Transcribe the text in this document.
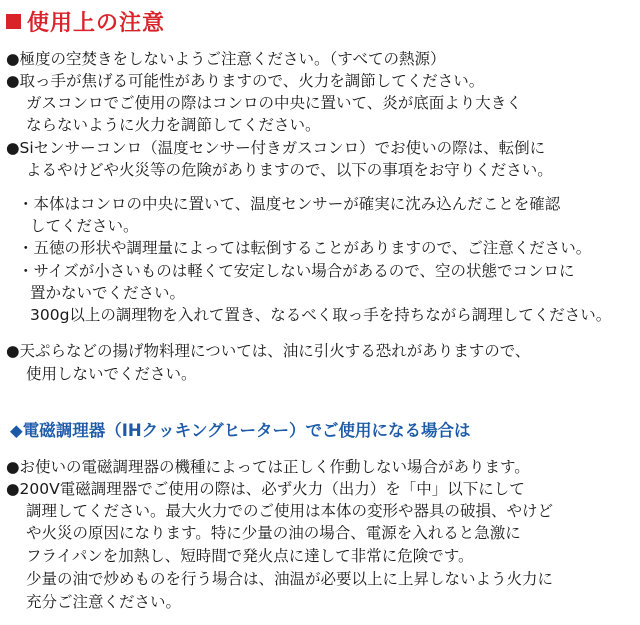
使用上の注意
●極度の空焚きをしないようご注意ください。（すべての熱源）
●取っ手が焦げる可能性がありますので、火力を調節してください。
ガスコンロでご使用の際はコンロの中央に置いて、炎が底面より大きく
ならないように火力を調節してください。
●Siセンサーコンロ（温度センサー付きガスコンロ）でお使いの際は、転倒に
よるやけどや火災等の危険がありますので、以下の事項をお守りください。
・本体はコンロの中央に置いて、温度センサーが確実に沈み込んだことを確認
してください。
・五徳の形状や調理量によっては転倒することがありますので、ご注意ください。
・サイズが小さいものは軽くて安定しない場合があるので、空の状態でコンロに
置かないでください。
300g以上の調理物を入れて置き、なるべく取っ手を持ちながら調理してください。
●天ぷらなどの揚げ物料理については、油に引火する恐れがありますので、
使用しないでください。
◆電磁調理器（IHクッキングヒーター）でご使用になる場合は
●お使いの電磁調理器の機種によっては正しく作動しない場合があります。
●200V電磁調理器でご使用の際は、必ず火力（出力）を「中」以下にして
調理してください。最大火力でのご使用は本体の変形や器具の破損、やけど
や火災の原因になります。特に少量の油の場合、電源を入れると急激に
フライパンを加熱し、短時間で発火点に達して非常に危険です。
少量の油で炒めものを行う場合は、油温が必要以上に上昇しないよう火力に
充分ご注意ください。
